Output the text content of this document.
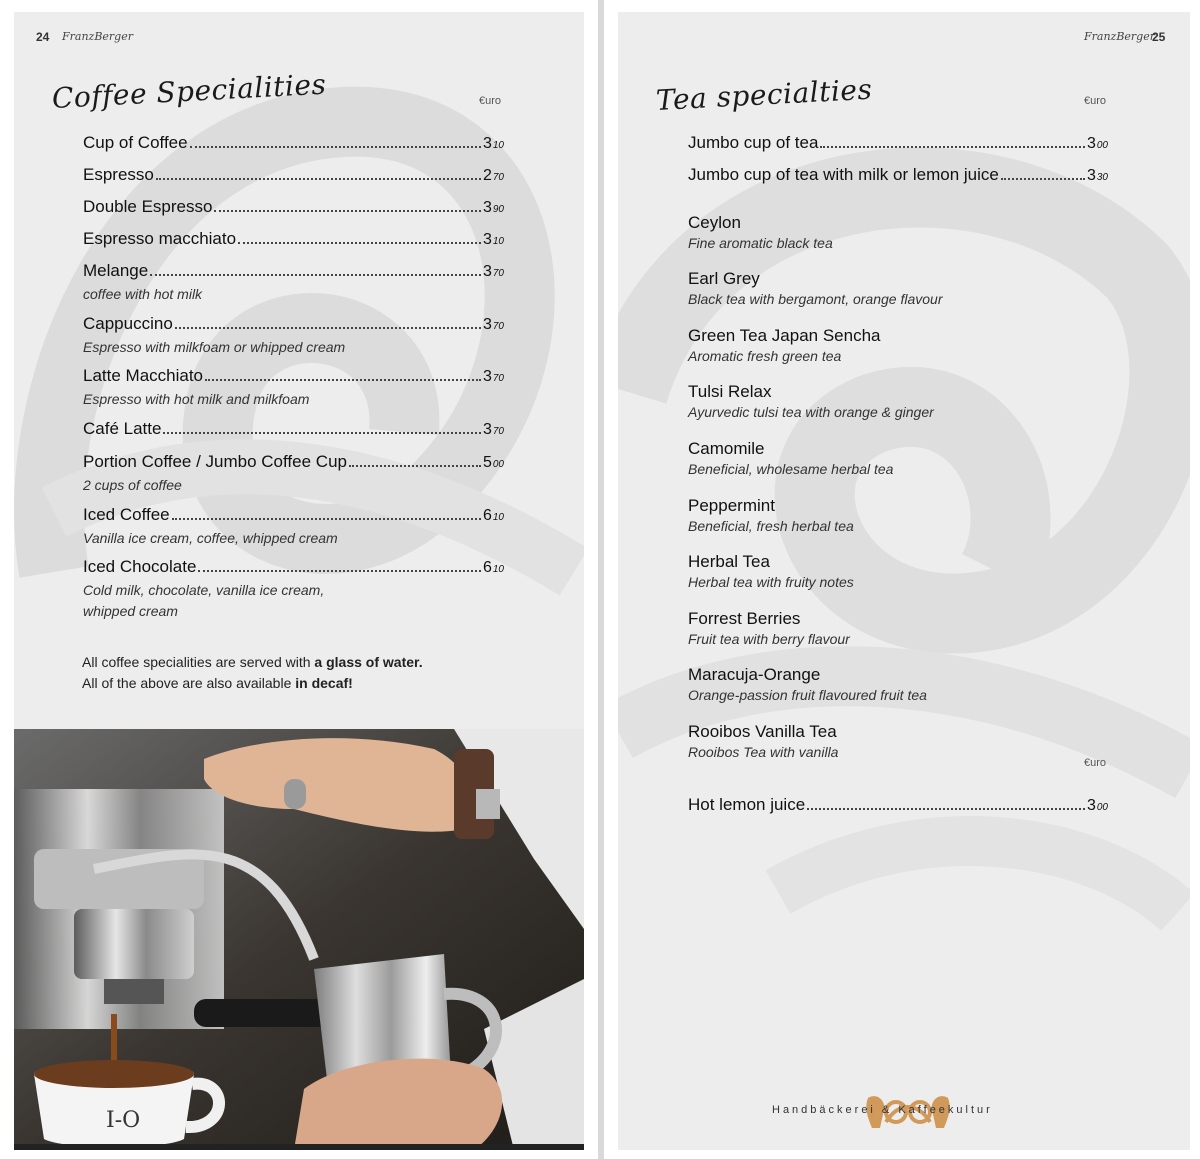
24 FranzBerger
Coffee Specialities	€uro
Cup of Coffee	310
Espresso	270
Double Espresso	390
Espresso macchiato	310
Melange	370
coffee with hot milk
Cappuccino	370
Espresso with milkfoam or whipped cream
Latte Macchiato	370
Espresso with hot milk and milkfoam
Café Latte	370
Portion Coffee / Jumbo Coffee Cup	500
2 cups of coffee
Iced Coffee	610
Vanilla ice cream, coffee, whipped cream
Iced Chocolate	610
Cold milk, chocolate, vanilla ice cream,
whipped cream
All coffee specialities are served with a glass of water.
All of the above are also available in decaf!
I-O
FranzBerger
25
Tea specialties	€uro
Jumbo cup of tea	300
Jumbo cup of tea with milk or lemon juice	330
Ceylon
Fine aromatic black tea
Earl Grey
Black tea with bergamont, orange flavour
Green Tea Japan Sencha
Aromatic fresh green tea
Tulsi Relax
Ayurvedic tulsi tea with orange & ginger
Camomile
Beneficial, wholesame herbal tea
Peppermint
Beneficial, fresh herbal tea
Herbal Tea
Herbal tea with fruity notes
Forrest Berries
Fruit tea with berry flavour
Maracuja-Orange
Orange-passion fruit flavoured fruit tea
Rooibos Vanilla Tea
Rooibos Tea with vanilla
Hot lemon juice	300
€uro
Handbäckerei & Kaffeekultur
